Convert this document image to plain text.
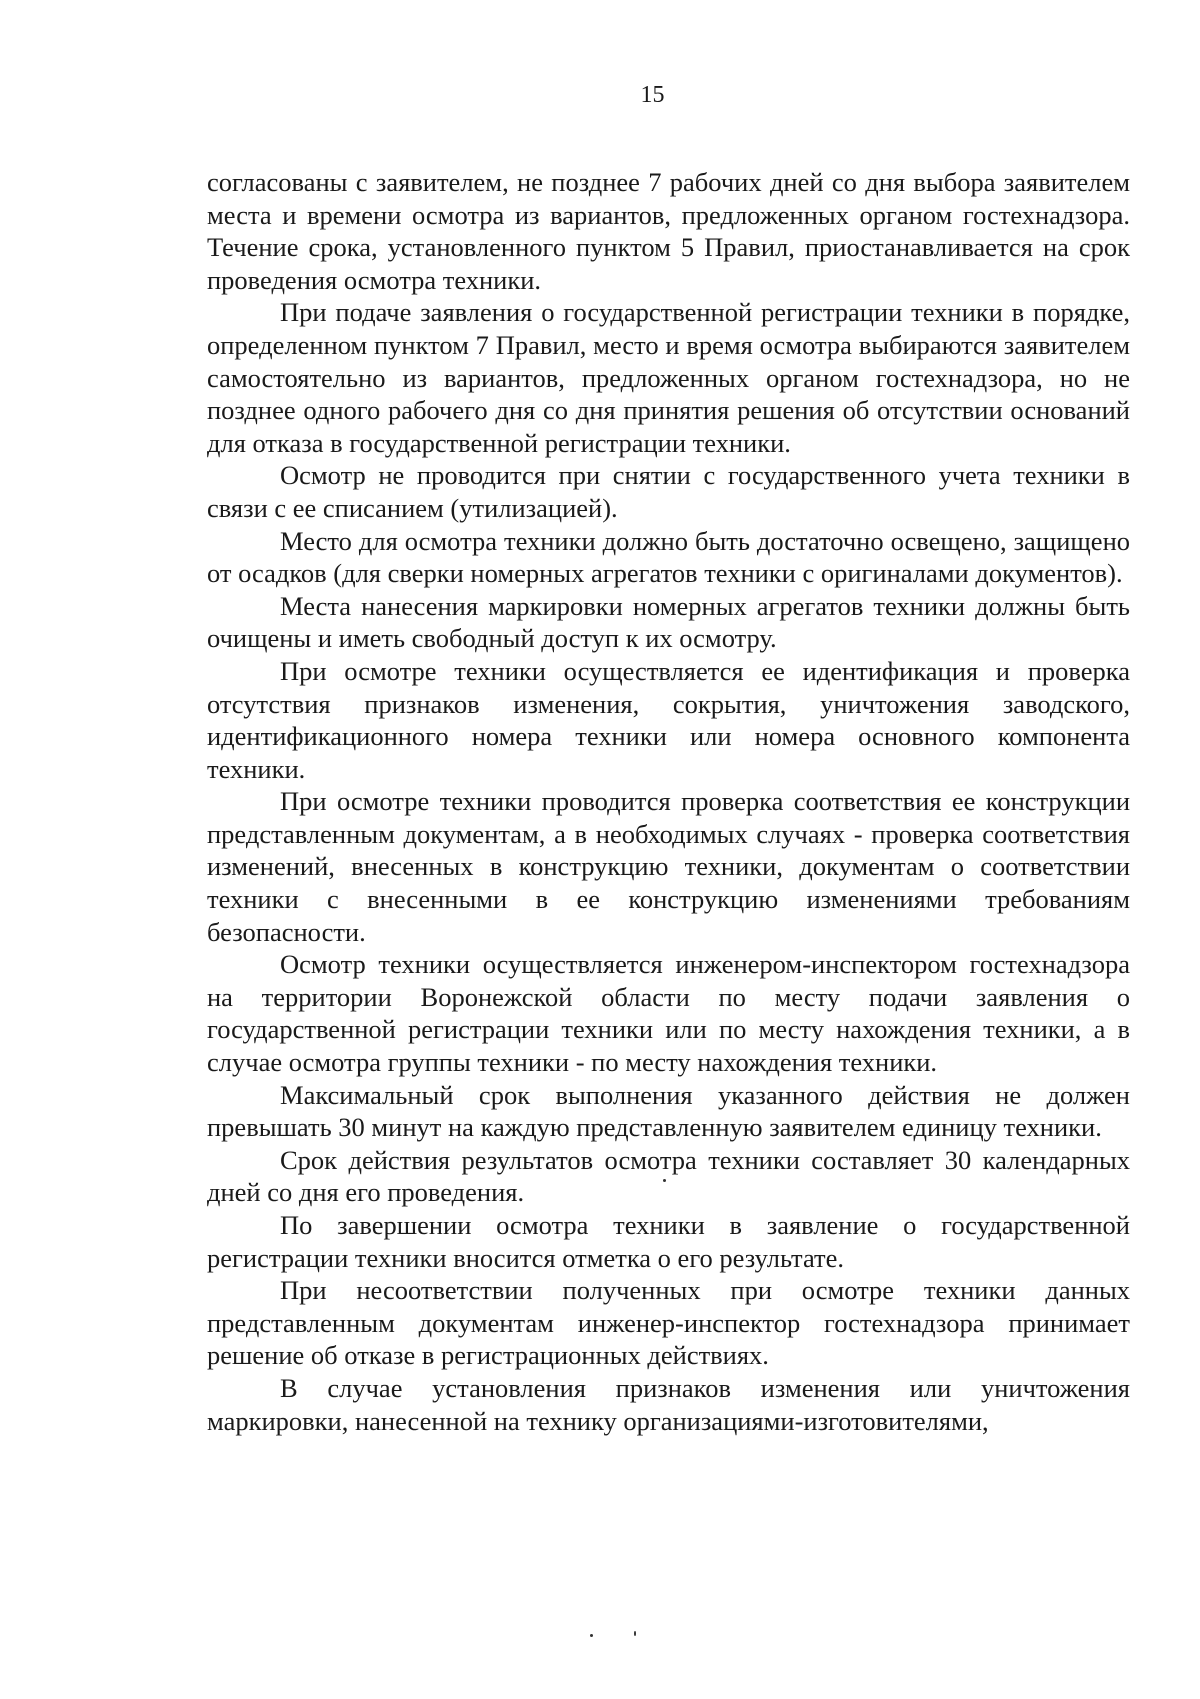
15

согласованы с заявителем, не позднее 7 рабочих дней со дня выбора заявителем места и времени осмотра из вариантов, предложенных органом гостехнадзора. Течение срока, установленного пунктом 5 Правил, приостанавливается на срок проведения осмотра техники.

При подаче заявления о государственной регистрации техники в порядке, определенном пунктом 7 Правил, место и время осмотра выбираются заявителем самостоятельно из вариантов, предложенных органом гостехнадзора, но не позднее одного рабочего дня со дня принятия решения об отсутствии оснований для отказа в государственной регистрации техники.

Осмотр не проводится при снятии с государственного учета техники в связи с ее списанием (утилизацией).

Место для осмотра техники должно быть достаточно освещено, защищено от осадков (для сверки номерных агрегатов техники с оригиналами документов).

Места нанесения маркировки номерных агрегатов техники должны быть очищены и иметь свободный доступ к их осмотру.

При осмотре техники осуществляется ее идентификация и проверка отсутствия признаков изменения, сокрытия, уничтожения заводского, идентификационного номера техники или номера основного компонента техники.

При осмотре техники проводится проверка соответствия ее конструкции представленным документам, а в необходимых случаях - проверка соответствия изменений, внесенных в конструкцию техники, документам о соответствии техники с внесенными в ее конструкцию изменениями требованиям безопасности.

Осмотр техники осуществляется инженером-инспектором гостехнадзора на территории Воронежской области по месту подачи заявления о государственной регистрации техники или по месту нахождения техники, а в случае осмотра группы техники - по месту нахождения техники.

Максимальный срок выполнения указанного действия не должен превышать 30 минут на каждую представленную заявителем единицу техники.

Срок действия результатов осмотра техники составляет 30 календарных дней со дня его проведения.

По завершении осмотра техники в заявление о государственной регистрации техники вносится отметка о его результате.

При несоответствии полученных при осмотре техники данных представленным документам инженер-инспектор гостехнадзора принимает решение об отказе в регистрационных действиях.

В случае установления признаков изменения или уничтожения маркировки, нанесенной на технику организациями-изготовителями,
